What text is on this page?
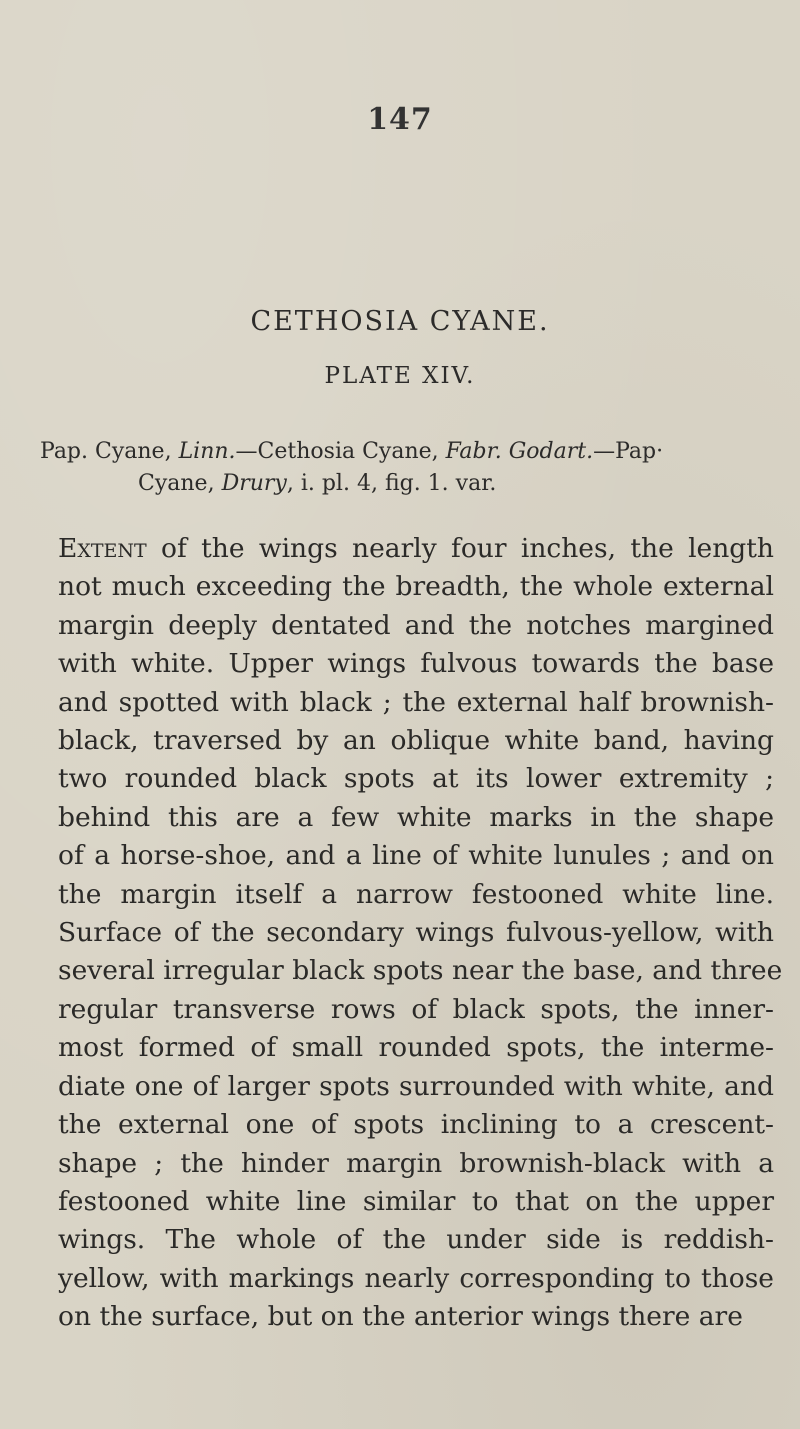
147
CETHOSIA CYANE.
PLATE XIV.
Pap. Cyane, Linn.—Cethosia Cyane, Fabr. Godart.—Pap·
Cyane, Drury, i. pl. 4, fig. 1. var.
Extent of the wings nearly four inches, the length
not much exceeding the breadth, the whole external
margin deeply dentated and the notches margined
with white. Upper wings fulvous towards the base
and spotted with black ; the external half brownish-
black, traversed by an oblique white band, having
two rounded black spots at its lower extremity ;
behind this are a few white marks in the shape
of a horse-shoe, and a line of white lunules ; and on
the margin itself a narrow festooned white line.
Surface of the secondary wings fulvous-yellow, with
several irregular black spots near the base, and three
regular transverse rows of black spots, the inner-
most formed of small rounded spots, the interme-
diate one of larger spots surrounded with white, and
the external one of spots inclining to a crescent-
shape ; the hinder margin brownish-black with a
festooned white line similar to that on the upper
wings. The whole of the under side is reddish-
yellow, with markings nearly corresponding to those
on the surface, but on the anterior wings there are
